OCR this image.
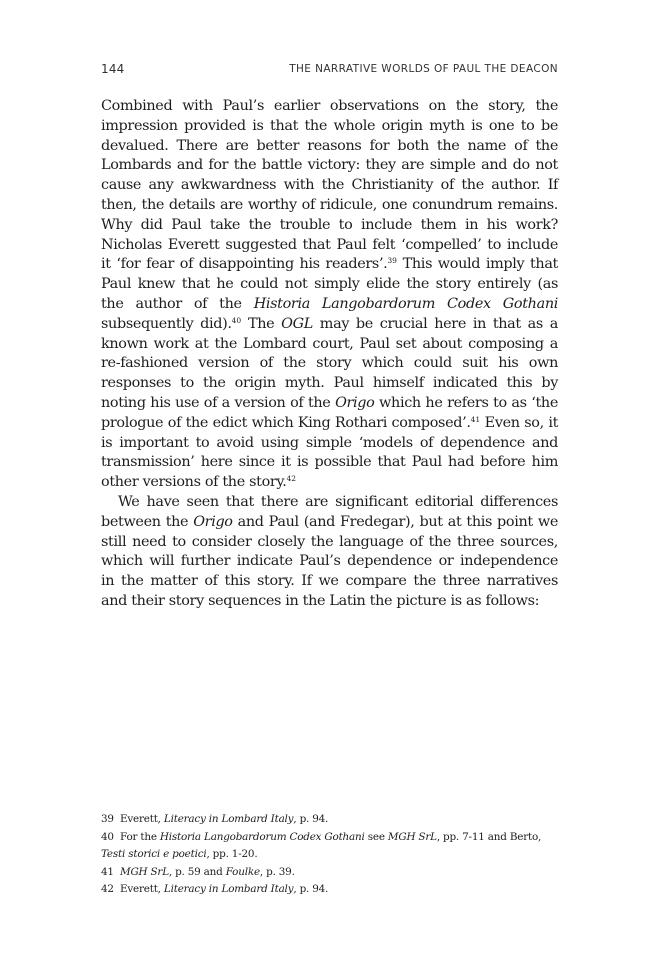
144	THE NARRATIVE WORLDS OF PAUL THE DEACON

Combined with Paul’s earlier observations on the story, the impression provided is that the whole origin myth is one to be devalued. There are better reasons for both the name of the Lombards and for the battle victory: they are simple and do not cause any awkwardness with the Christianity of the author. If then, the details are worthy of ridicule, one conundrum remains. Why did Paul take the trouble to include them in his work? Nicholas Everett suggested that Paul felt ‘compelled’ to include it ‘for fear of disappointing his readers’.$^{39}$ This would imply that Paul knew that he could not simply elide the story entirely (as the author of the Historia Langobardorum Codex Gothani subsequently did).$^{40}$ The OGL may be crucial here in that as a known work at the Lombard court, Paul set about composing a re-fashioned version of the story which could suit his own responses to the origin myth. Paul himself indicated this by noting his use of a version of the Origo which he refers to as ‘the prologue of the edict which King Rothari composed’.$^{41}$ Even so, it is important to avoid using simple ‘models of dependence and transmission’ here since it is possible that Paul had before him other versions of the story.$^{42}$

We have seen that there are significant editorial differences between the Origo and Paul (and Fredegar), but at this point we still need to consider closely the language of the three sources, which will further indicate Paul’s dependence or independence in the matter of this story. If we compare the three narratives and their story sequences in the Latin the picture is as follows:

39 Everett, Literacy in Lombard Italy, p. 94.

40 For the Historia Langobardorum Codex Gothani see MGH SrL, pp. 7-11 and Berto, Testi storici e poetici, pp. 1-20.

41 MGH SrL, p. 59 and Foulke, p. 39.

42 Everett, Literacy in Lombard Italy, p. 94.
